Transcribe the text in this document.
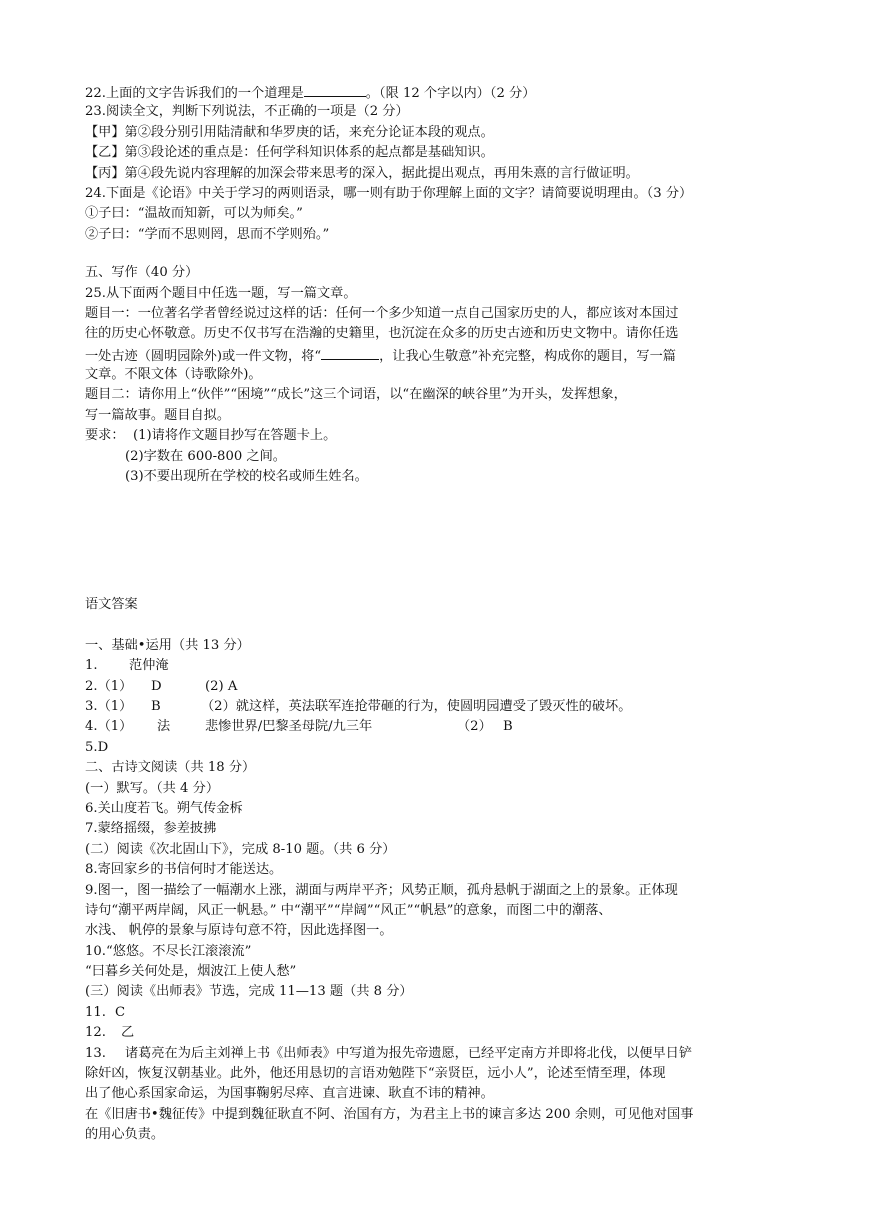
22.上面的文字告诉我们的一个道理是	。（限 12 个字以内）（2 分）
23.阅读全文，判断下列说法，不正确的一项是（2 分）
【甲】第②段分别引用陆清献和华罗庚的话，来充分论证本段的观点。
【乙】第③段论述的重点是：任何学科知识体系的起点都是基础知识。
【丙】第④段先说内容理解的加深会带来思考的深入，据此提出观点，再用朱熹的言行做证明。
24.下面是《论语》中关于学习的两则语录，哪一则有助于你理解上面的文字？请简要说明理由。（3 分）
①子曰：“温故而知新，可以为师矣。”
②子曰：“学而不思则罔，思而不学则殆。”
五、写作（40 分）
25.从下面两个题目中任选一题，写一篇文章。
题目一：一位著名学者曾经说过这样的话：任何一个多少知道一点自己国家历史的人，都应该对本国过
往的历史心怀敬意。历史不仅书写在浩瀚的史籍里，也沉淀在众多的历史古迹和历史文物中。请你任选
一处古迹（圆明园除外)或一件文物，将“	，让我心生敬意”补充完整，构成你的题目，写一篇
文章。不限文体（诗歌除外)。
题目二：请你用上“伙伴”“困境”“成长”这三个词语，以“在幽深的峡谷里”为开头，发挥想象，
写一篇故事。题目自拟。
要求： (1)请将作文题目抄写在答题卡上。
(2)字数在 600-800 之间。
(3)不要出现所在学校的校名或师生姓名。
语文答案
一、基础•运用（共 13 分）
1. 范仲淹
2.（1） D	(2) A
3.（1） B	（2）就这样，英法联军连抢带砸的行为，使圆明园遭受了毁灭性的破坏。
4.（1） 法	悲惨世界/巴黎圣母院/九三年	（2） B
5.D
二、古诗文阅读（共 18 分）
(一）默写。（共 4 分）
6.关山度若飞。朔气传金柝
7.蒙络摇缀，参差披拂
(二）阅读《次北固山下》，完成 8-10 题。（共 6 分）
8.寄回家乡的书信何时才能送达。
9.图一，图一描绘了一幅潮水上涨，湖面与两岸平齐；风势正顺，孤舟悬帆于湖面之上的景象。正体现
诗句“潮平两岸阔，风正一帆悬。” 中“潮平”“岸阔”“风正”“帆悬”的意象，而图二中的潮落、
水浅、 帆停的景象与原诗句意不符，因此选择图一。
10.“悠悠。不尽长江滚滚流”
“曰暮乡关何处是，烟波江上使人愁”
(三）阅读《出师表》节选，完成 11—13 题（共 8 分）
11. C
12. 乙
13. 诸葛亮在为后主刘禅上书《出师表》中写道为报先帝遗愿，已经平定南方并即将北伐，以便早日铲
除奸凶，恢复汉朝基业。此外，他还用恳切的言语劝勉陛下“亲贤臣，远小人”，论述至情至理，体现
出了他心系国家命运，为国事鞠躬尽瘁、直言进谏、耿直不讳的精神。
在《旧唐书•魏征传》中提到魏征耿直不阿、治国有方，为君主上书的谏言多达 200 余则，可见他对国事
的用心负责。
